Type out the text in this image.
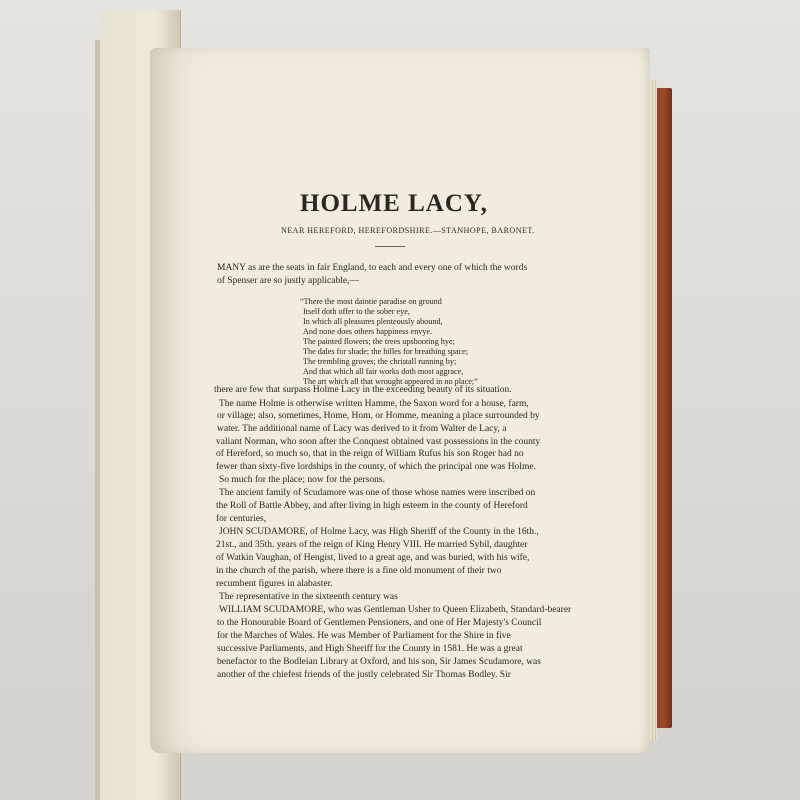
HOLME LACY,
NEAR HEREFORD, HEREFORDSHIRE.—STANHOPE, BARONET.
MANY as are the seats in fair England, to each and every one of which the words
of Spenser are so justly applicable,—
“There the most daintie paradise on ground
Itself doth offer to the sober eye,
In which all pleasures plenteously abound,
And none does others happiness envye.
The painted flowers; the trees upshooting hye;
The dales for shade; the hilles for breathing space;
The trembling groves; the christall running by;
And that which all fair works doth most aggrace,
The art which all that wrought appeared in no place;”
there are few that surpass Holme Lacy in the exceeding beauty of its situation.
The name Holme is otherwise written Hamme, the Saxon word for a house, farm,
or village; also, sometimes, Home, Hom, or Homme, meaning a place surrounded by
water. The additional name of Lacy was derived to it from Walter de Lacy, a
valiant Norman, who soon after the Conquest obtained vast possessions in the county
of Hereford, so much so, that in the reign of William Rufus his son Roger had no
fewer than sixty-five lordships in the county, of which the principal one was Holme.
So much for the place; now for the persons.
The ancient family of Scudamore was one of those whose names were inscribed on
the Roll of Battle Abbey, and after living in high esteem in the county of Hereford
for centuries,
JOHN SCUDAMORE, of Holme Lacy, was High Sheriff of the County in the 16th.,
21st., and 35th. years of the reign of King Henry VIII. He married Sybil, daughter
of Watkin Vaughan, of Hengist, lived to a great age, and was buried, with his wife,
in the church of the parish, where there is a fine old monument of their two
recumbent figures in alabaster.
The representative in the sixteenth century was
WILLIAM SCUDAMORE, who was Gentleman Usher to Queen Elizabeth, Standard-bearer
to the Honourable Board of Gentlemen Pensioners, and one of Her Majesty's Council
for the Marches of Wales. He was Member of Parliament for the Shire in five
successive Parliaments, and High Sheriff for the County in 1581. He was a great
benefactor to the Bodleian Library at Oxford, and his son, Sir James Scudamore, was
another of the chiefest friends of the justly celebrated Sir Thomas Bodley. Sir
